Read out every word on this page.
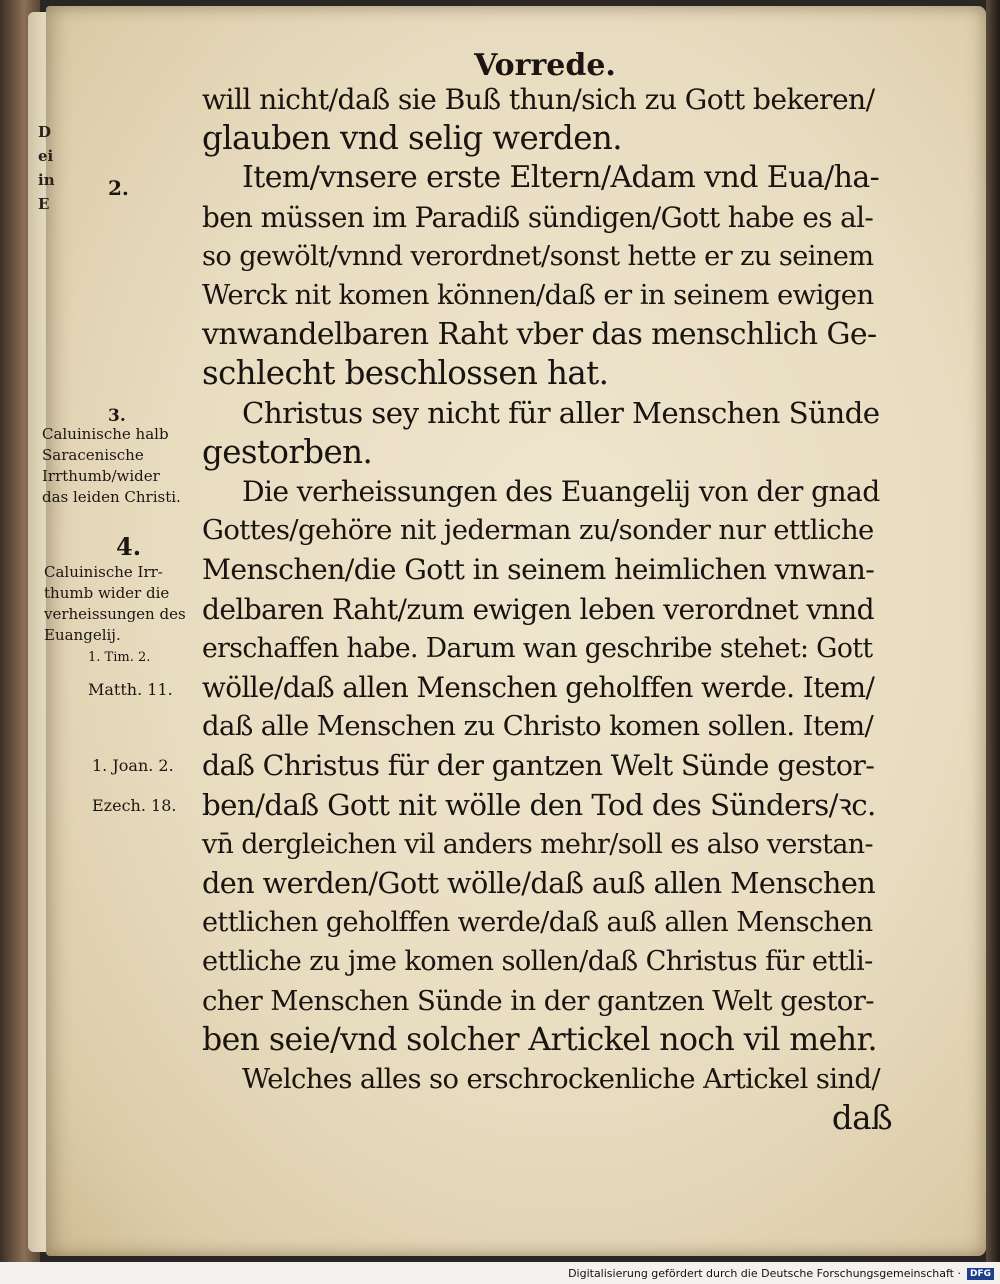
D
ei
in
E
Vorrede.
will nicht/daß sie Buß thun/sich zu Gott bekeren/
glauben vnd selig werden.
Item/vnsere erste Eltern/Adam vnd Eua/ha-
ben müssen im Paradiß sündigen/Gott habe es al-
so gewölt/vnnd verordnet/sonst hette er zu seinem
Werck nit komen können/daß er in seinem ewigen
vnwandelbaren Raht vber das menschlich Ge-
schlecht beschlossen hat.
Christus sey nicht für aller Menschen Sünde
gestorben.
Die verheissungen des Euangelij von der gnad
Gottes/gehöre nit jederman zu/sonder nur ettliche
Menschen/die Gott in seinem heimlichen vnwan-
delbaren Raht/zum ewigen leben verordnet vnnd
erschaffen habe. Darum wan geschribe stehet: Gott
wölle/daß allen Menschen geholffen werde. Item/
daß alle Menschen zu Christo komen sollen. Item/
daß Christus für der gantzen Welt Sünde gestor-
ben/daß Gott nit wölle den Tod des Sünders/ꝛc.
vn̄ dergleichen vil anders mehr/soll es also verstan-
den werden/Gott wölle/daß auß allen Menschen
ettlichen geholffen werde/daß auß allen Menschen
ettliche zu jme komen sollen/daß Christus für ettli-
cher Menschen Sünde in der gantzen Welt gestor-
ben seie/vnd solcher Artickel noch vil mehr.
Welches alles so erschrockenliche Artickel sind/
daß
2.
3.
Caluinische halb
Saracenische
Irrthumb/wider
das leiden Christi.
4.
Caluinische Irr-
thumb wider die
verheissungen des
Euangelij.
1. Tim. 2.
Matth. 11.
1. Joan. 2.
Ezech. 18.
Digitalisierung gefördert durch die Deutsche Forschungsgemeinschaft · DFG
